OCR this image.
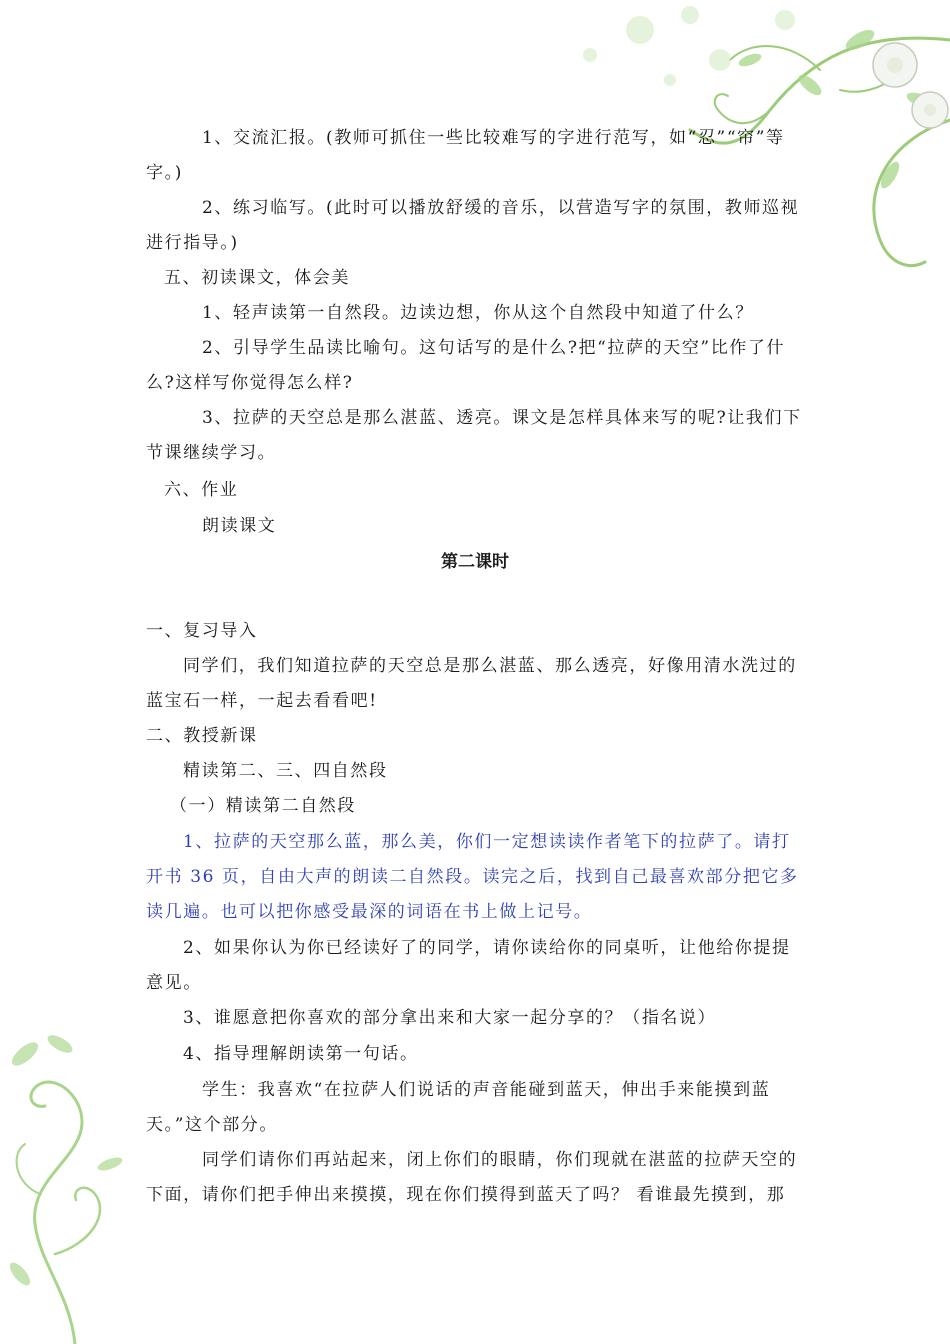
1、交流汇报。(教师可抓住一些比较难写的字进行范写，如“忍”“帘”等字。)
2、练习临写。(此时可以播放舒缓的音乐，以营造写字的氛围，教师巡视进行指导。)
五、初读课文，体会美
1、轻声读第一自然段。边读边想，你从这个自然段中知道了什么？
2、引导学生品读比喻句。这句话写的是什么?把“拉萨的天空”比作了什么?这样写你觉得怎么样?
3、拉萨的天空总是那么湛蓝、透亮。课文是怎样具体来写的呢?让我们下节课继续学习。
六、作业
朗读课文
第二课时
一、复习导入
同学们，我们知道拉萨的天空总是那么湛蓝、那么透亮，好像用清水洗过的蓝宝石一样，一起去看看吧!
二、教授新课
精读第二、三、四自然段
（一）精读第二自然段
1、拉萨的天空那么蓝，那么美，你们一定想读读作者笔下的拉萨了。请打开书 36 页，自由大声的朗读二自然段。读完之后，找到自己最喜欢部分把它多读几遍。也可以把你感受最深的词语在书上做上记号。
2、如果你认为你已经读好了的同学，请你读给你的同桌听，让他给你提提意见。
3、谁愿意把你喜欢的部分拿出来和大家一起分享的？（指名说）
4、指导理解朗读第一句话。
学生：我喜欢“在拉萨人们说话的声音能碰到蓝天，伸出手来能摸到蓝天。”这个部分。
同学们请你们再站起来，闭上你们的眼睛，你们现就在湛蓝的拉萨天空的下面，请你们把手伸出来摸摸，现在你们摸得到蓝天了吗？ 看谁最先摸到，那
